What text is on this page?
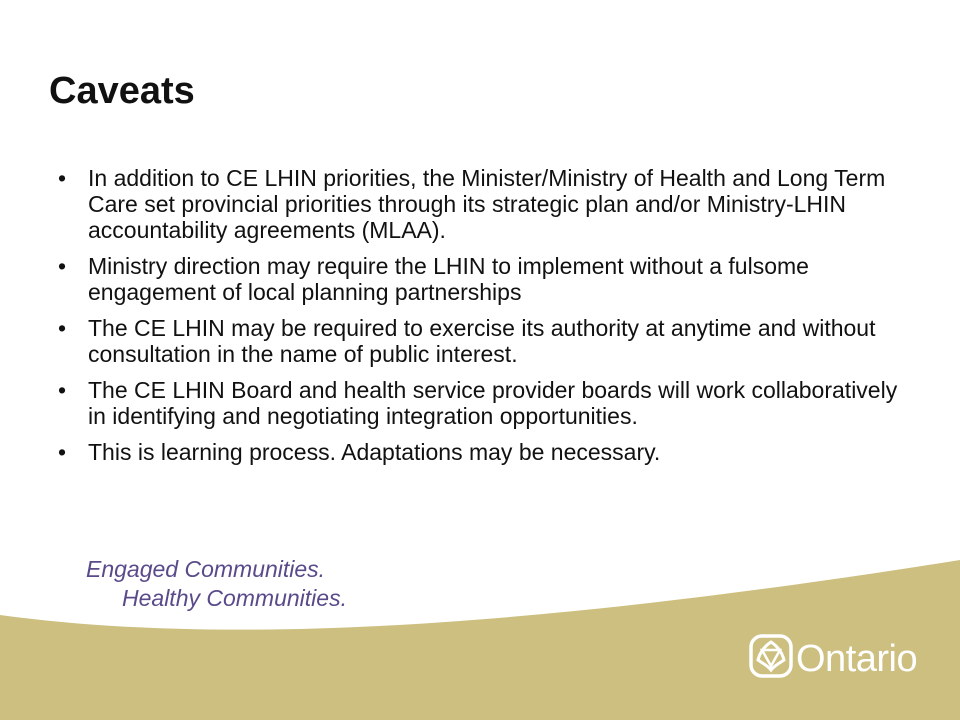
Caveats
• In addition to CE LHIN priorities, the Minister/Ministry of Health and Long Term Care set provincial priorities through its strategic plan and/or Ministry-LHIN accountability agreements (MLAA).
• Ministry direction may require the LHIN to implement without a fulsome engagement of local planning partnerships
• The CE LHIN may be required to exercise its authority at anytime and without consultation in the name of public interest.
• The CE LHIN Board and health service provider boards will work collaboratively in identifying and negotiating integration opportunities.
• This is learning process. Adaptations may be necessary.
Engaged Communities.
Healthy Communities.
Ontario
